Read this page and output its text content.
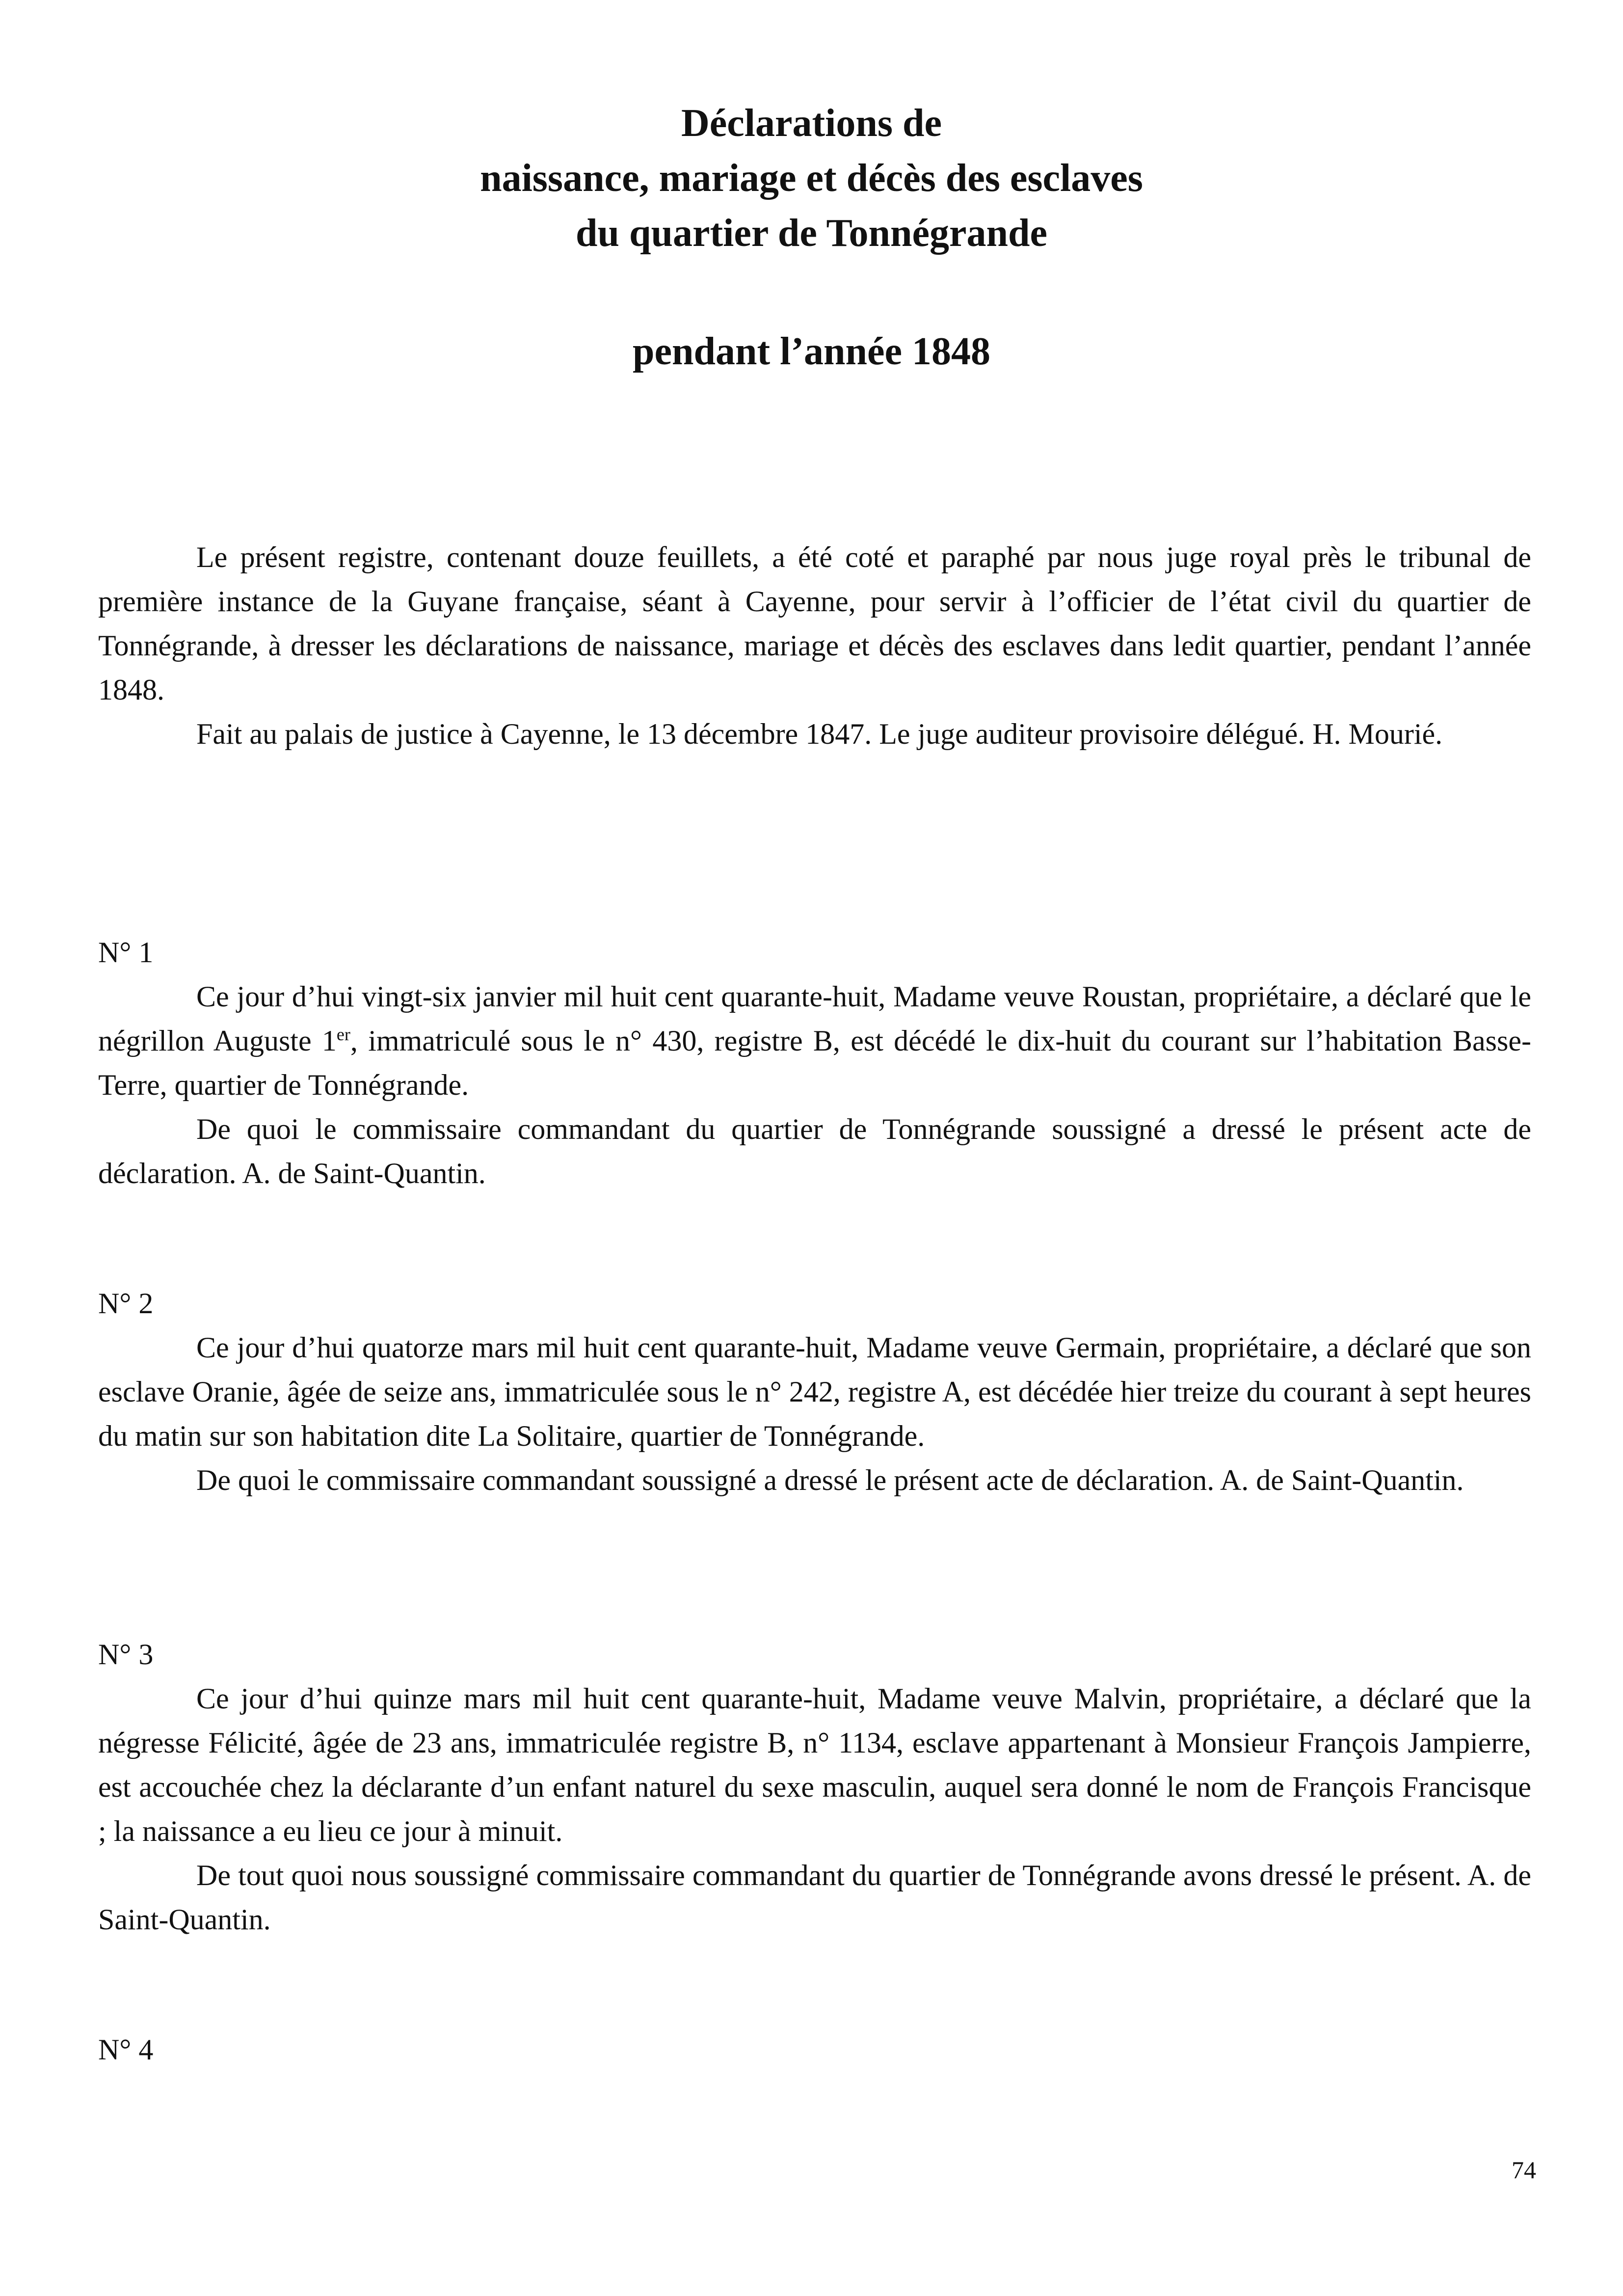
Déclarations de
naissance, mariage et décès des esclaves
du quartier de Tonnégrande
pendant l’année 1848

Le présent registre, contenant douze feuillets, a été coté et paraphé par nous juge royal près le tribunal de première instance de la Guyane française, séant à Cayenne, pour servir à l’officier de l’état civil du quartier de Tonnégrande, à dresser les déclarations de naissance, mariage et décès des esclaves dans ledit quartier, pendant l’année 1848.

Fait au palais de justice à Cayenne, le 13 décembre 1847. Le juge auditeur provisoire délégué. H. Mourié.

N° 1

Ce jour d’hui vingt-six janvier mil huit cent quarante-huit, Madame veuve Roustan, propriétaire, a déclaré que le négrillon Auguste 1er, immatriculé sous le n° 430, registre B, est décédé le dix-huit du courant sur l’habitation Basse-Terre, quartier de Tonnégrande.

De quoi le commissaire commandant du quartier de Tonnégrande soussigné a dressé le présent acte de déclaration. A. de Saint-Quantin.

N° 2

Ce jour d’hui quatorze mars mil huit cent quarante-huit, Madame veuve Germain, propriétaire, a déclaré que son esclave Oranie, âgée de seize ans, immatriculée sous le n° 242, registre A, est décédée hier treize du courant à sept heures du matin sur son habitation dite La Solitaire, quartier de Tonnégrande.

De quoi le commissaire commandant soussigné a dressé le présent acte de déclaration. A. de Saint-Quantin.

N° 3

Ce jour d’hui quinze mars mil huit cent quarante-huit, Madame veuve Malvin, propriétaire, a déclaré que la négresse Félicité, âgée de 23 ans, immatriculée registre B, n° 1134, esclave appartenant à Monsieur François Jampierre, est accouchée chez la déclarante d’un enfant naturel du sexe masculin, auquel sera donné le nom de François Francisque ; la naissance a eu lieu ce jour à minuit.

De tout quoi nous soussigné commissaire commandant du quartier de Tonnégrande avons dressé le présent. A. de Saint-Quantin.

N° 4

74
